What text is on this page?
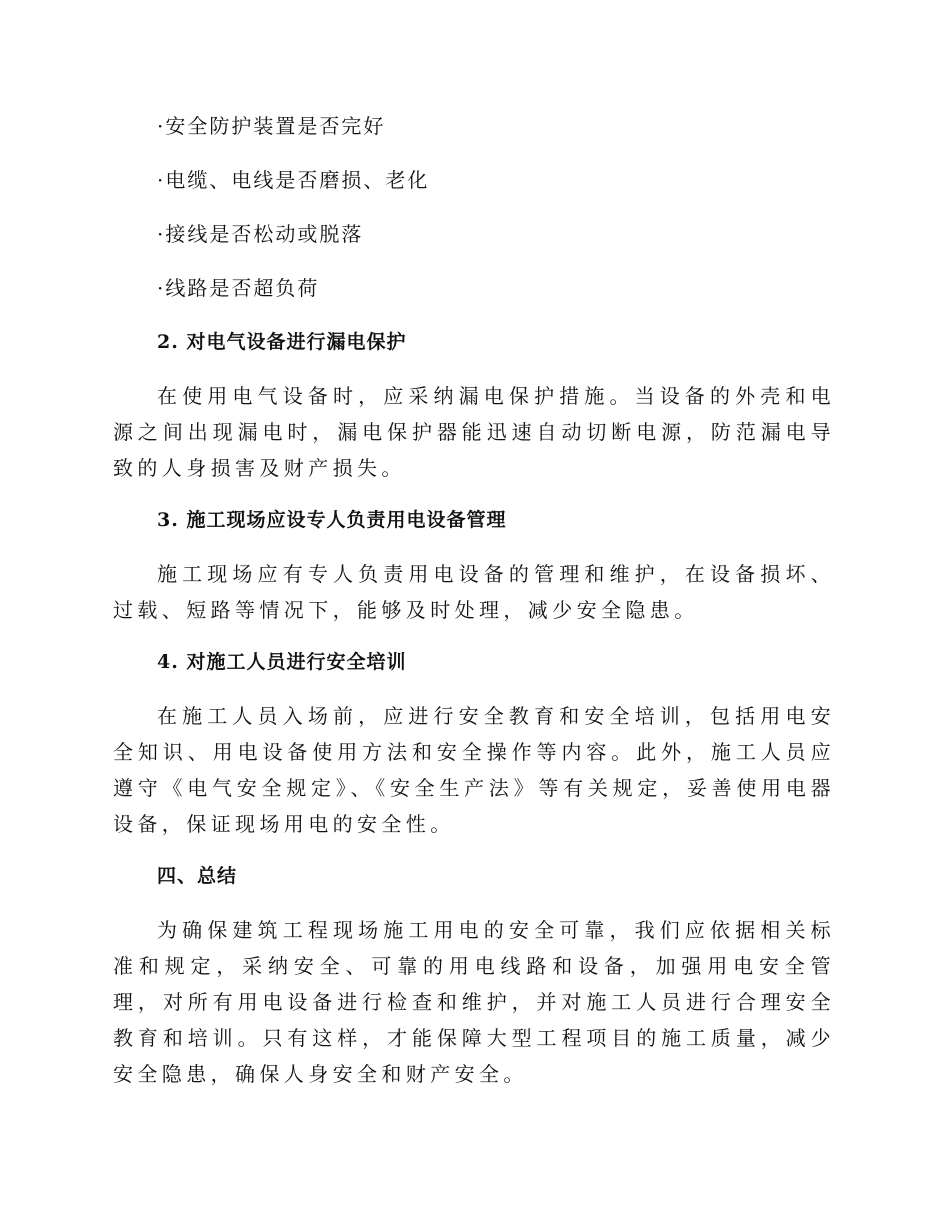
·安全防护装置是否完好
·电缆、电线是否磨损、老化
·接线是否松动或脱落
·线路是否超负荷
2. 对电气设备进行漏电保护

在使用电气设备时，应采纳漏电保护措施。当设备的外壳和电源之间出现漏电时，漏电保护器能迅速自动切断电源，防范漏电导致的人身损害及财产损失。

3. 施工现场应设专人负责用电设备管理

施工现场应有专人负责用电设备的管理和维护，在设备损坏、过载、短路等情况下，能够及时处理，减少安全隐患。

4. 对施工人员进行安全培训

在施工人员入场前，应进行安全教育和安全培训，包括用电安全知识、用电设备使用方法和安全操作等内容。此外，施工人员应遵守《电气安全规定》、《安全生产法》等有关规定，妥善使用电器设备，保证现场用电的安全性。

四、总结

为确保建筑工程现场施工用电的安全可靠，我们应依据相关标准和规定，采纳安全、可靠的用电线路和设备，加强用电安全管理，对所有用电设备进行检查和维护，并对施工人员进行合理安全教育和培训。只有这样，才能保障大型工程项目的施工质量，减少安全隐患，确保人身安全和财产安全。
